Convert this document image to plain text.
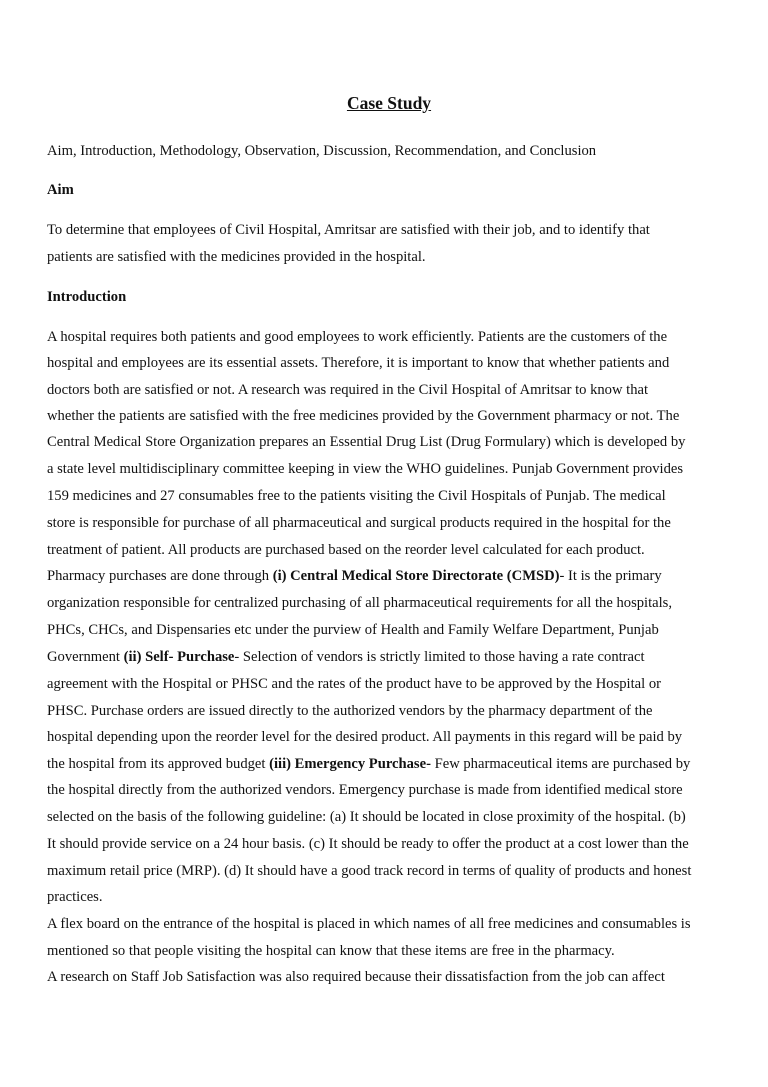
Case Study

Aim, Introduction, Methodology, Observation, Discussion, Recommendation, and Conclusion

Aim

To determine that employees of Civil Hospital, Amritsar are satisfied with their job, and to identify that

patients are satisfied with the medicines provided in the hospital.

Introduction

A hospital requires both patients and good employees to work efficiently. Patients are the customers of the

hospital and employees are its essential assets. Therefore, it is important to know that whether patients and

doctors both are satisfied or not. A research was required in the Civil Hospital of Amritsar to know that

whether the patients are satisfied with the free medicines provided by the Government pharmacy or not. The

Central Medical Store Organization prepares an Essential Drug List (Drug Formulary) which is developed by

a state level multidisciplinary committee keeping in view the WHO guidelines. Punjab Government provides

159 medicines and 27 consumables free to the patients visiting the Civil Hospitals of Punjab. The medical

store is responsible for purchase of all pharmaceutical and surgical products required in the hospital for the

treatment of patient. All products are purchased based on the reorder level calculated for each product.

Pharmacy purchases are done through (i) Central Medical Store Directorate (CMSD)- It is the primary

organization responsible for centralized purchasing of all pharmaceutical requirements for all the hospitals,

PHCs, CHCs, and Dispensaries etc under the purview of Health and Family Welfare Department, Punjab

Government (ii) Self- Purchase- Selection of vendors is strictly limited to those having a rate contract

agreement with the Hospital or PHSC and the rates of the product have to be approved by the Hospital or

PHSC. Purchase orders are issued directly to the authorized vendors by the pharmacy department of the

hospital depending upon the reorder level for the desired product. All payments in this regard will be paid by

the hospital from its approved budget (iii) Emergency Purchase- Few pharmaceutical items are purchased by

the hospital directly from the authorized vendors. Emergency purchase is made from identified medical store

selected on the basis of the following guideline: (a) It should be located in close proximity of the hospital. (b)

It should provide service on a 24 hour basis. (c) It should be ready to offer the product at a cost lower than the

maximum retail price (MRP). (d) It should have a good track record in terms of quality of products and honest

practices.

A flex board on the entrance of the hospital is placed in which names of all free medicines and consumables is

mentioned so that people visiting the hospital can know that these items are free in the pharmacy.

A research on Staff Job Satisfaction was also required because their dissatisfaction from the job can affect
